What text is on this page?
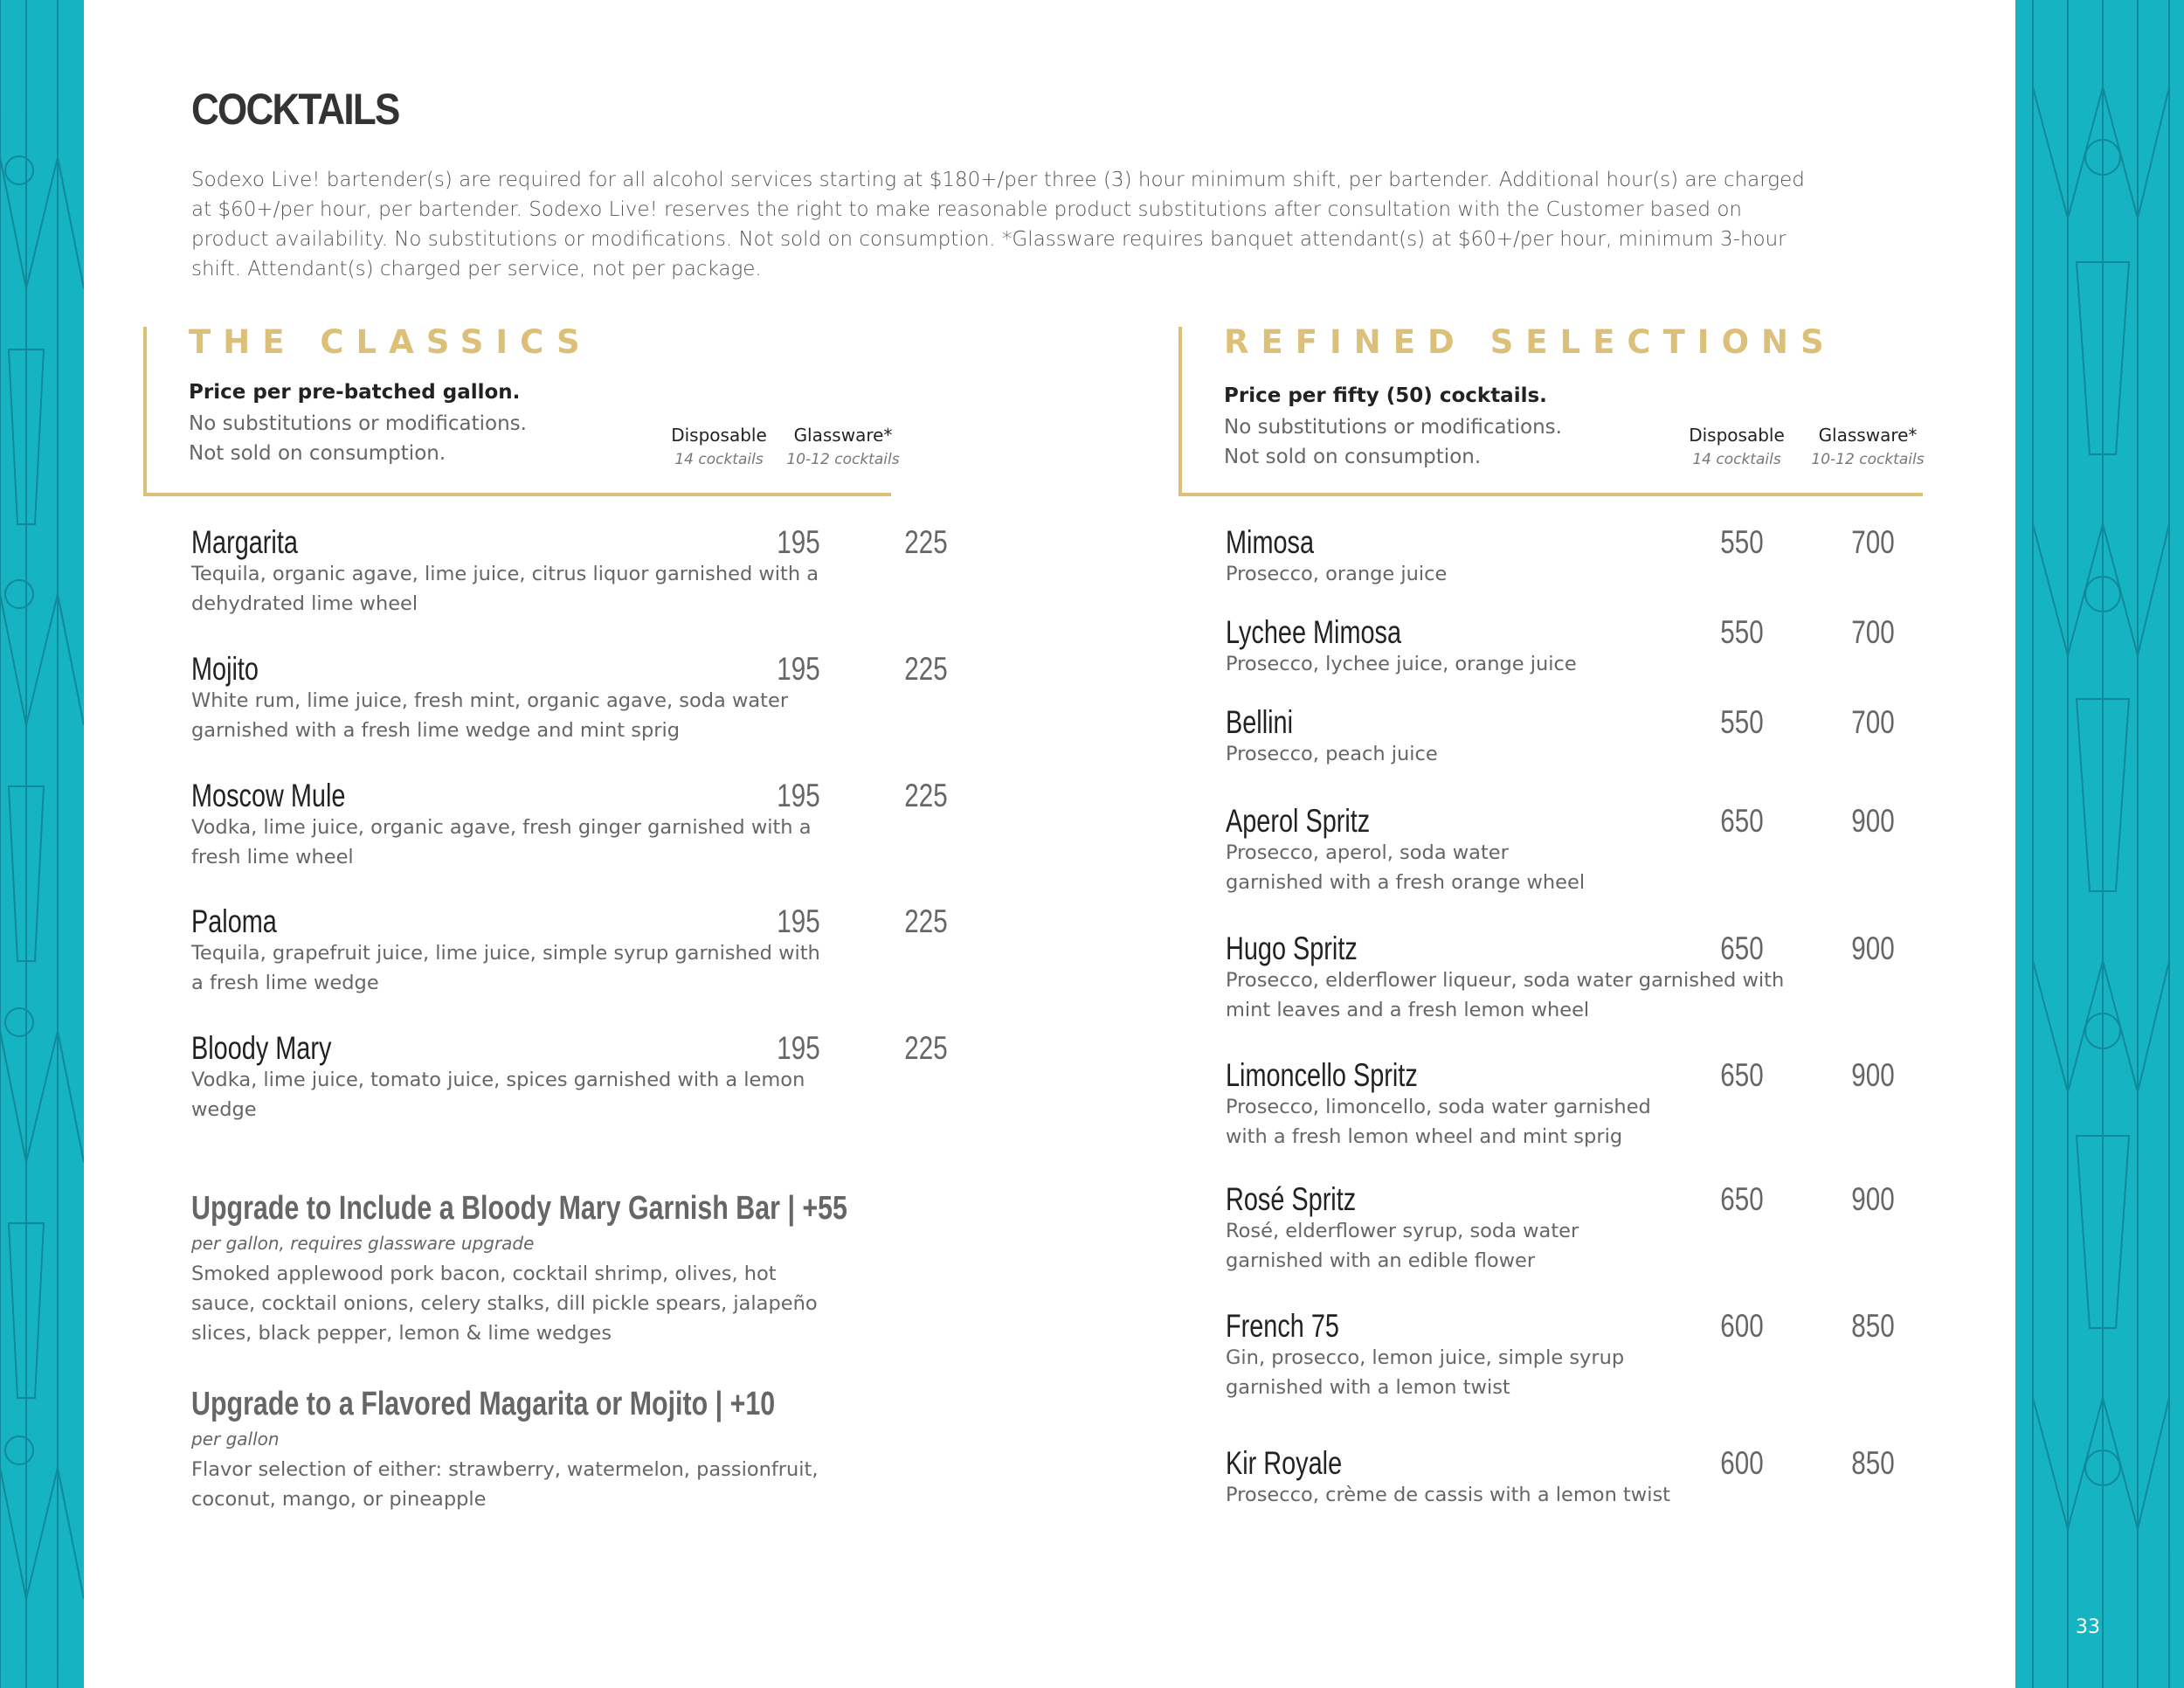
COCKTAILS
Sodexo Live! bartender(s) are required for all alcohol services starting at $180+/per three (3) hour minimum shift, per bartender. Additional hour(s) are charged at $60+/per hour, per bartender. Sodexo Live! reserves the right to make reasonable product substitutions after consultation with the Customer based on product availability. No substitutions or modifications. Not sold on consumption. *Glassware requires banquet attendant(s) at $60+/per hour, minimum 3-hour shift. Attendant(s) charged per service, not per package.
THE CLASSICS
Price per pre-batched gallon.
No substitutions or modifications.
Not sold on consumption.
Disposable
14 cocktails
Glassware*
10-12 cocktails
Margarita
Tequila, organic agave, lime juice, citrus liquor garnished with a dehydrated lime wheel
195	225
Mojito
White rum, lime juice, fresh mint, organic agave, soda water garnished with a fresh lime wedge and mint sprig
195	225
Moscow Mule
Vodka, lime juice, organic agave, fresh ginger garnished with a fresh lime wheel
195	225
Paloma
Tequila, grapefruit juice, lime juice, simple syrup garnished with a fresh lime wedge
195	225
Bloody Mary
Vodka, lime juice, tomato juice, spices garnished with a lemon wedge
195	225
Upgrade to Include a Bloody Mary Garnish Bar | +55
per gallon, requires glassware upgrade
Smoked applewood pork bacon, cocktail shrimp, olives, hot sauce, cocktail onions, celery stalks, dill pickle spears, jalapeño slices, black pepper, lemon & lime wedges
Upgrade to a Flavored Magarita or Mojito | +10
per gallon
Flavor selection of either: strawberry, watermelon, passionfruit, coconut, mango, or pineapple
REFINED SELECTIONS
Price per fifty (50) cocktails.
No substitutions or modifications.
Not sold on consumption.
Disposable
14 cocktails
Glassware*
10-12 cocktails
Mimosa
Prosecco, orange juice
550	700
Lychee Mimosa
Prosecco, lychee juice, orange juice
550	700
Bellini
Prosecco, peach juice
550	700
Aperol Spritz
Prosecco, aperol, soda water garnished with a fresh orange wheel
650	900
Hugo Spritz
Prosecco, elderflower liqueur, soda water garnished with mint leaves and a fresh lemon wheel
650	900
Limoncello Spritz
Prosecco, limoncello, soda water garnished with a fresh lemon wheel and mint sprig
650	900
Rosé Spritz
Rosé, elderflower syrup, soda water garnished with an edible flower
650	900
French 75
Gin, prosecco, lemon juice, simple syrup garnished with a lemon twist
600	850
Kir Royale
Prosecco, crème de cassis with a lemon twist
600	850
33
